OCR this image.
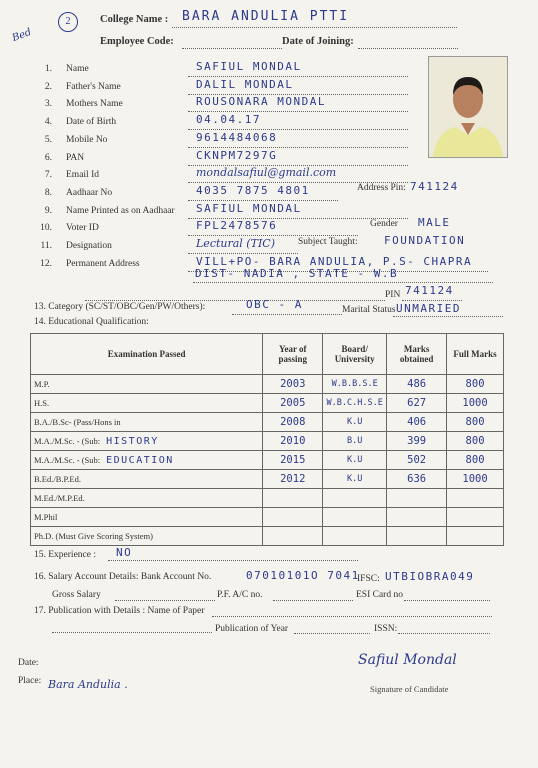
Bed
2	College Name : BARA ANDULIA PTTI
Employee Code:	Date of Joining:
1. Name	SAFIUL MONDAL
2. Father's Name	DALIL MONDAL
3. Mothers Name	ROUSONARA MONDAL
4. Date of Birth	04.04.17
5. Mobile No	9614484068
6. PAN	CKNPM7297G
7. Email Id	mondalsafiul@gmail.com
8. Aadhaar No	4035 7875 4801
9. Name Printed as on Aadhaar SAFIUL MONDAL
10. Voter ID	FPL2478576
11. Designation	Lectural (TIC)
12. Permanent Address	VILL+PO- BARA ANDULIA, P.S- CHAPRA
Address Pin: 741124
Gender MALE
Subject Taught: FOUNDATION
DIST- NADIA , STATE - W.B
PIN 741124
13. Category (SC/ST/OBC/Gen/PW/Others):	OBC - A	Marital Status UNMARIED
14. Educational Qualification:
Examination Passed	Year of passing	Board/ University	Marks obtained	Full Marks
M.P.	2003	W.B.B.S.E	486	800
H.S.	2005	W.B.C.H.S.E	627	1000
B.A./B.Sc- (Pass/Hons in	2008	K.U	406	800
M.A./M.Sc. - (Sub: HISTORY	2010	B.U	399	800
M.A./M.Sc. - (Sub: EDUCATION	2015	K.U	502	800
B.Ed./B.P.Ed.	2012	K.U	636	1000
M.Ed./M.P.Ed.				
M.Phil				
Ph.D. (Must Give Scoring System)				
15. Experience : NO
16. Salary Account Details: Bank Account No.	07010101O 7041
IFSC: UTBIOBRA049
Gross Salary	P.F. A/C no.	ESI Card no
17. Publication with Details : Name of Paper
Publication of Year	ISSN:
Date:
Place: Bara Andulia .
Safiul Mondal
Signature of Candidate
